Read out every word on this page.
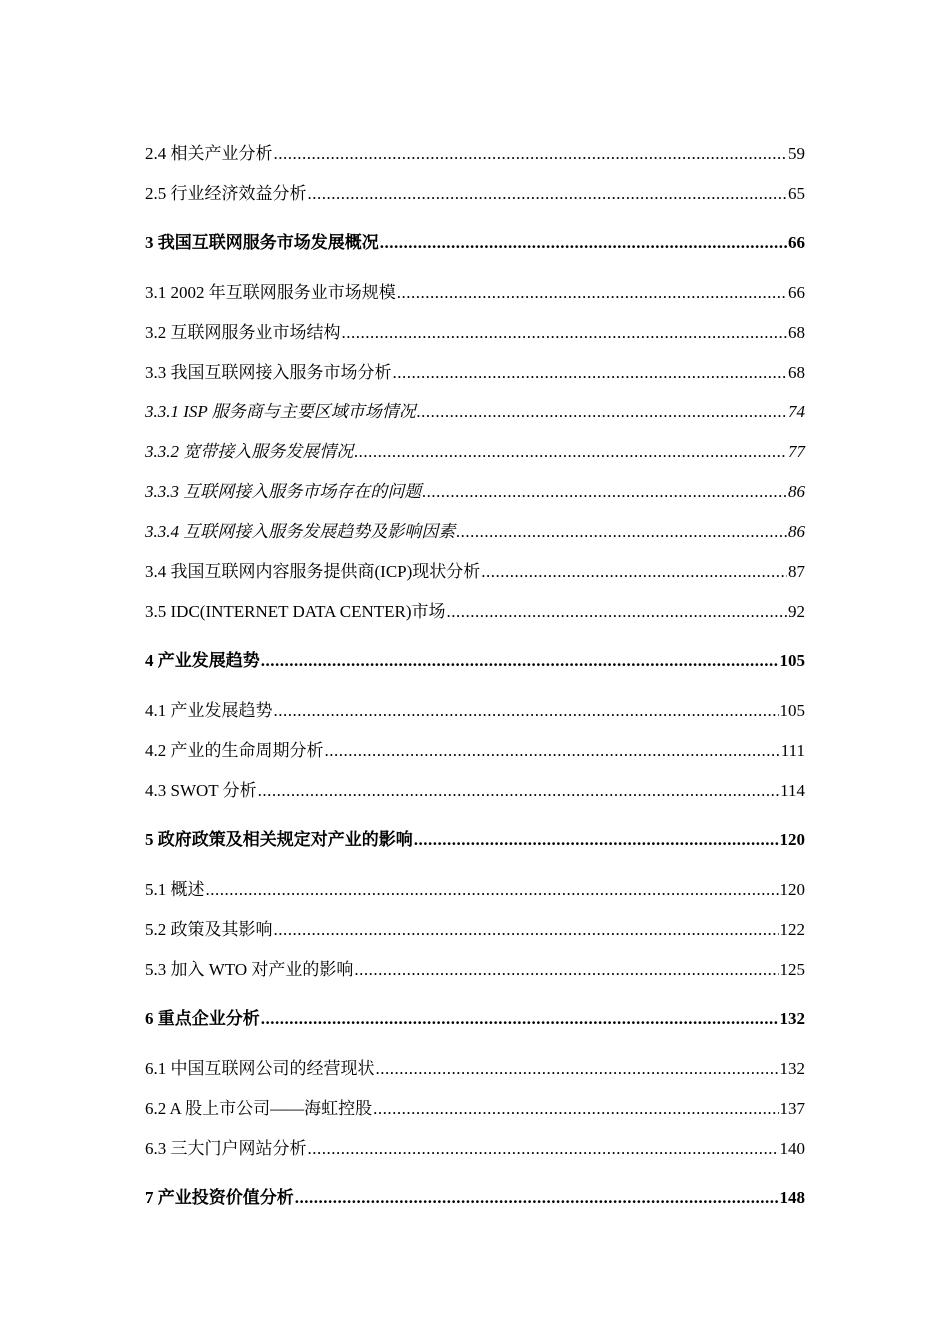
2.4 相关产业分析 .....	59
2.5 行业经济效益分析 .....	65
3 我国互联网服务市场发展概况 .....	66
3.1 2002 年互联网服务业市场规模 .....	66
3.2 互联网服务业市场结构 .....	68
3.3 我国互联网接入服务市场分析 .....	68
3.3.1 ISP 服务商与主要区域市场情况 .....	74
3.3.2 宽带接入服务发展情况 .....	77
3.3.3 互联网接入服务市场存在的问题 .....	86
3.3.4 互联网接入服务发展趋势及影响因素 .....	86
3.4 我国互联网内容服务提供商(ICP)现状分析 .....	87
3.5 IDC(INTERNET DATA CENTER)市场 .....	92
4 产业发展趋势 .....	105
4.1 产业发展趋势 .....	105
4.2 产业的生命周期分析 .....	111
4.3 SWOT 分析 .....	114
5 政府政策及相关规定对产业的影响 .....	120
5.1 概述 .....	120
5.2 政策及其影响 .....	122
5.3 加入 WTO 对产业的影响 .....	125
6 重点企业分析 .....	132
6.1 中国互联网公司的经营现状 .....	132
6.2 A 股上市公司——海虹控股 .....	137
6.3 三大门户网站分析 .....	140
7 产业投资价值分析 .....	148
